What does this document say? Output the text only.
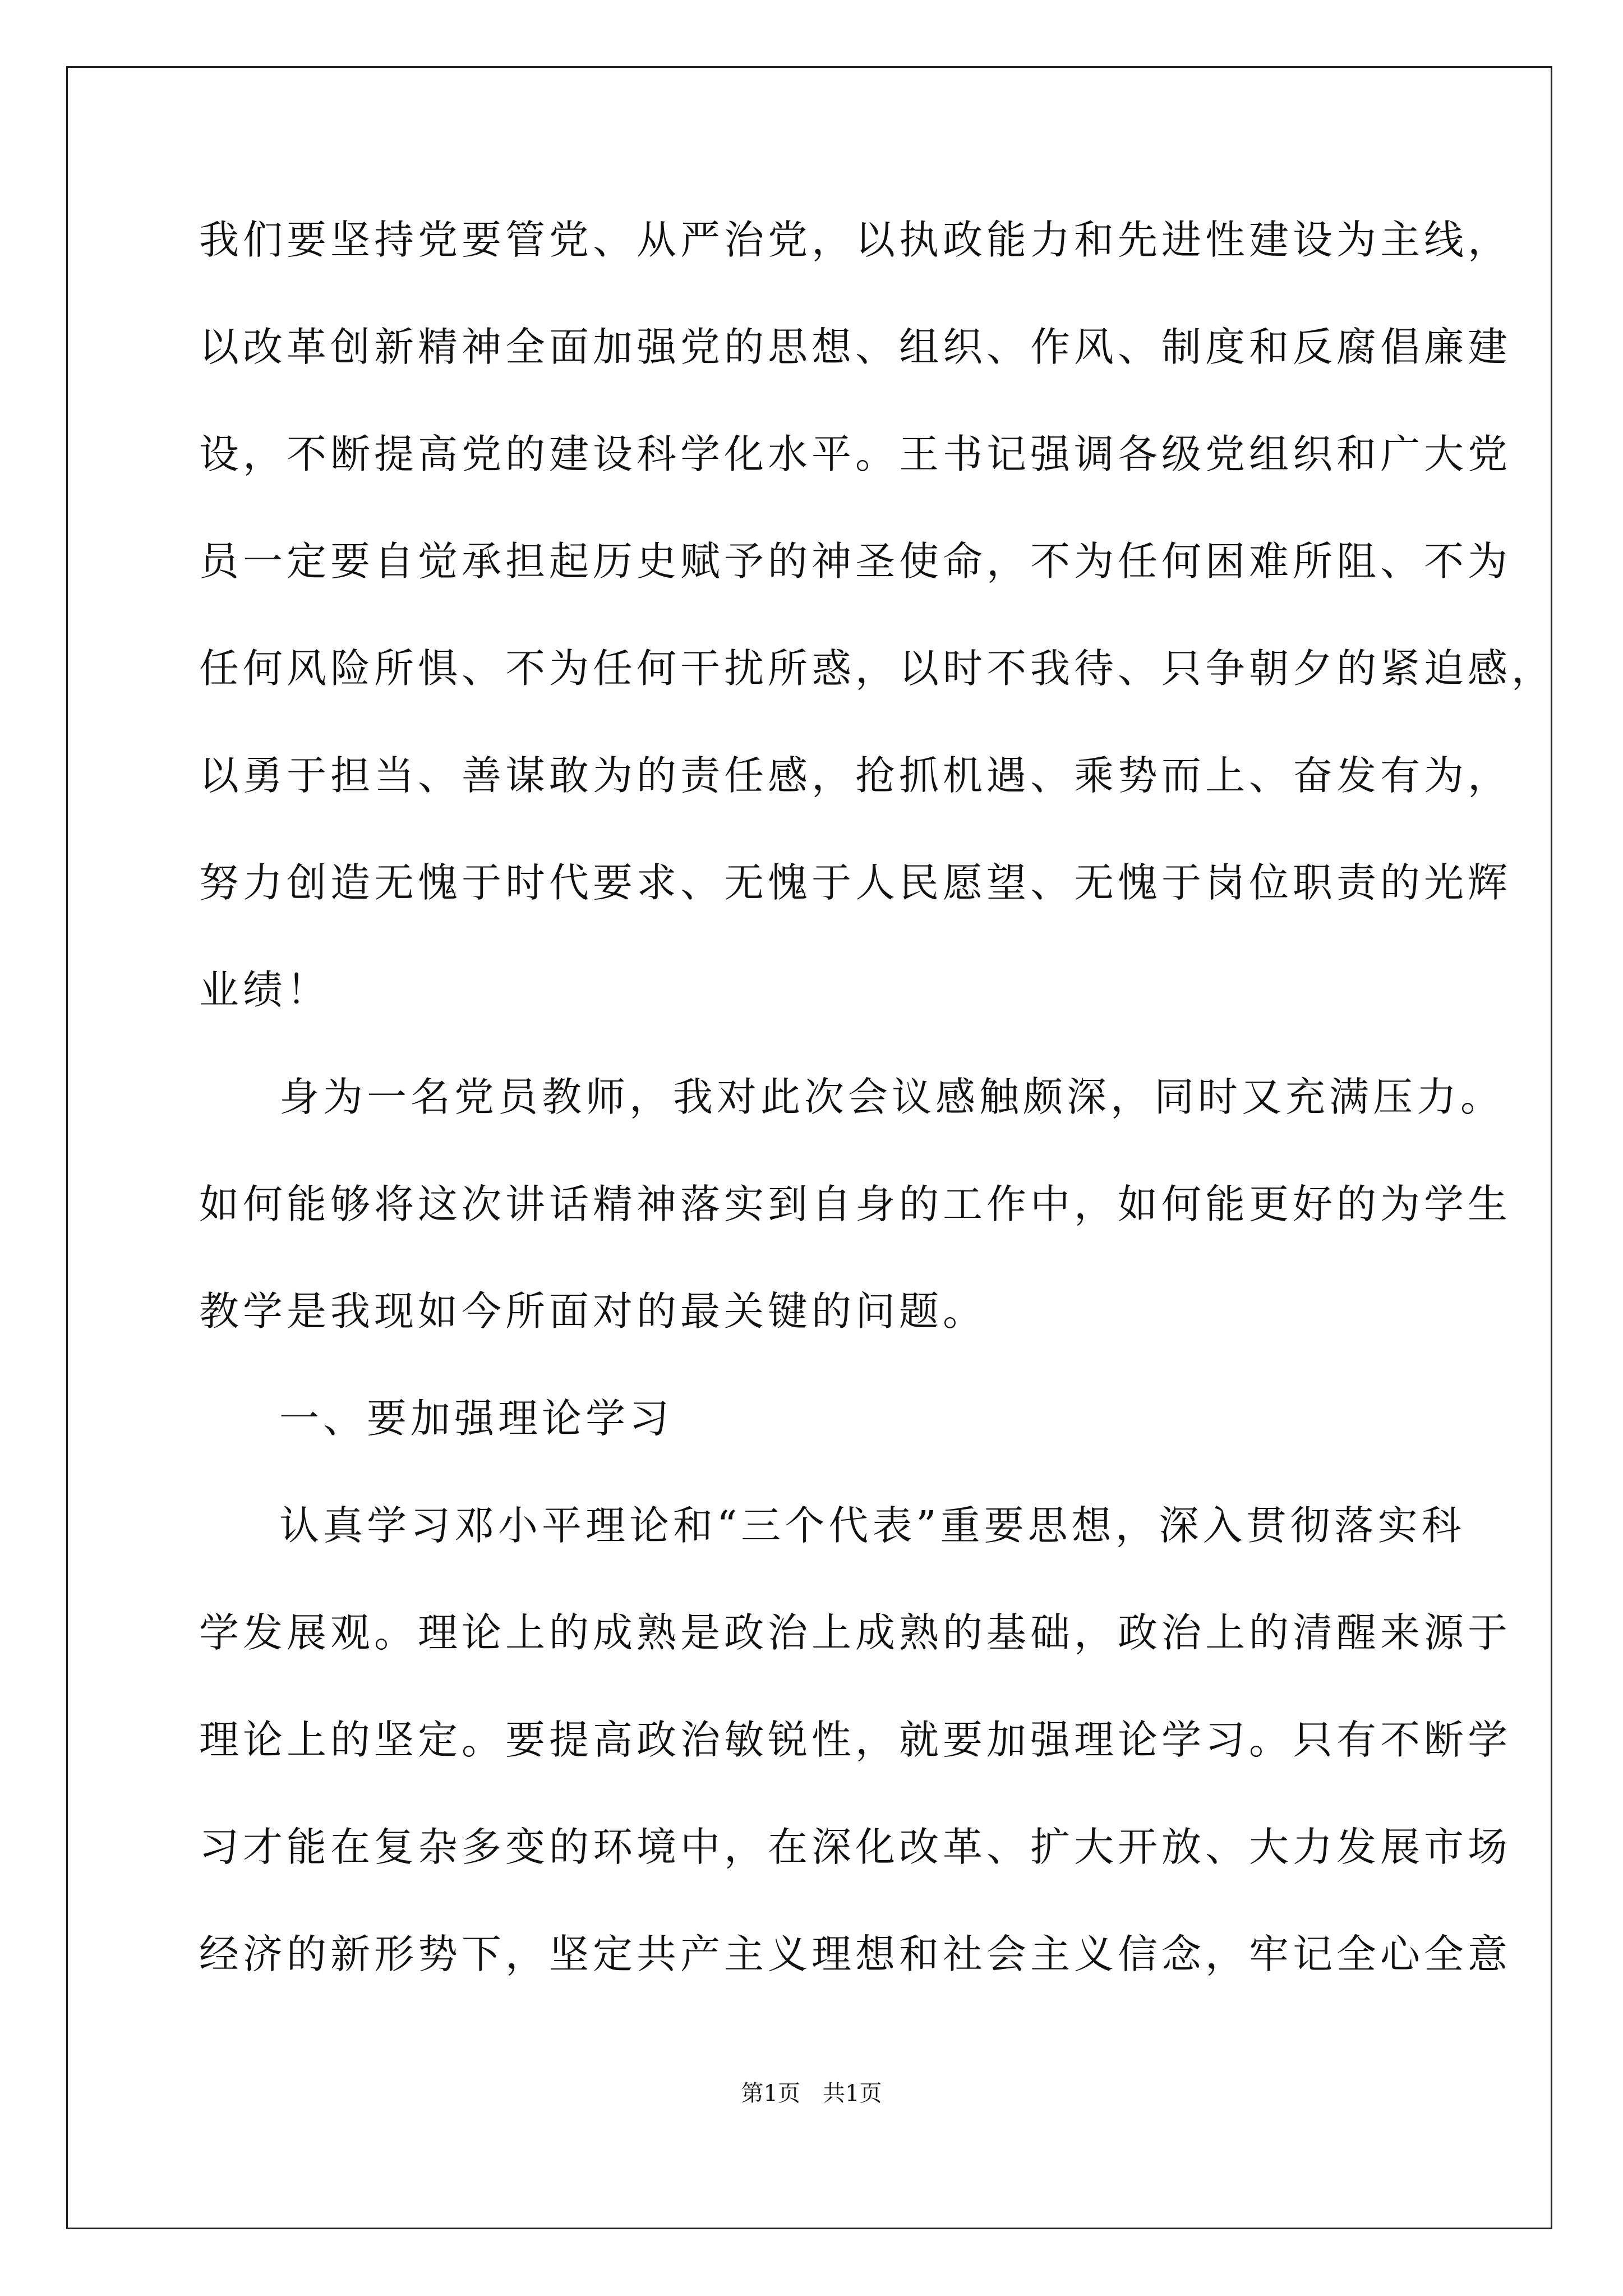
我们要坚持党要管党、从严治党，以执政能力和先进性建设为主线，
以改革创新精神全面加强党的思想、组织、作风、制度和反腐倡廉建
设，不断提高党的建设科学化水平。王书记强调各级党组织和广大党
员一定要自觉承担起历史赋予的神圣使命，不为任何困难所阻、不为
任何风险所惧、不为任何干扰所惑，以时不我待、只争朝夕的紧迫感，
以勇于担当、善谋敢为的责任感，抢抓机遇、乘势而上、奋发有为，
努力创造无愧于时代要求、无愧于人民愿望、无愧于岗位职责的光辉
业绩！
身为一名党员教师，我对此次会议感触颇深，同时又充满压力。
如何能够将这次讲话精神落实到自身的工作中，如何能更好的为学生
教学是我现如今所面对的最关键的问题。
一、要加强理论学习
认真学习邓小平理论和“三个代表”重要思想，深入贯彻落实科
学发展观。理论上的成熟是政治上成熟的基础，政治上的清醒来源于
理论上的坚定。要提高政治敏锐性，就要加强理论学习。只有不断学
习才能在复杂多变的环境中，在深化改革、扩大开放、大力发展市场
经济的新形势下，坚定共产主义理想和社会主义信念，牢记全心全意
第1页　共1页
